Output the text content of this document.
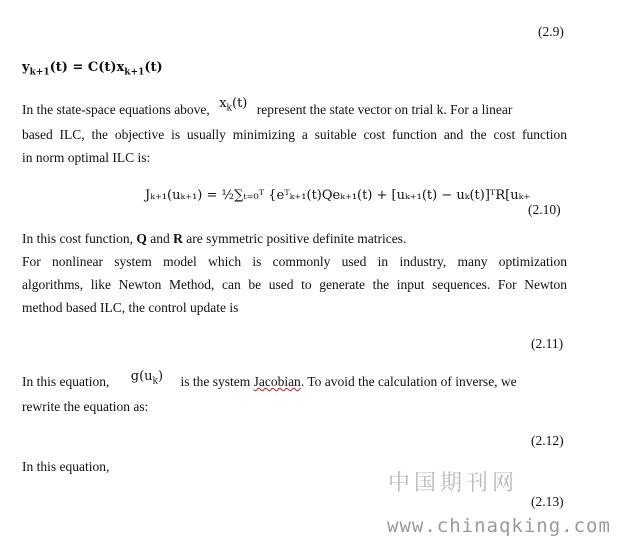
(2.9)
$y_{k+1}(t) = C(t)x_{k+1}(t)$
In the state-space equations above, $x_k(t)$ represent the state vector on trial k. For a linear
based ILC, the objective is usually minimizing a suitable cost function and the cost function
in norm optimal ILC is:
Jₖ₊₁(uₖ₊₁) = ½∑ₜ₌₀ᵀ {eᵀₖ₊₁(t)Qeₖ₊₁(t) + [uₖ₊₁(t) − uₖ(t)]ᵀR[uₖ₊
(2.10)
In this cost function, Q and R are symmetric positive definite matrices.
For nonlinear system model which is commonly used in industry, many optimization
algorithms, like Newton Method, can be used to generate the input sequences. For Newton
method based ILC, the control update is
(2.11)
In this equation, $g(u_k)$ is the system Jacobian. To avoid the calculation of inverse, we
rewrite the equation as:
(2.12)
In this equation,
中国期刊网
(2.13)
www.chinaqking.com
